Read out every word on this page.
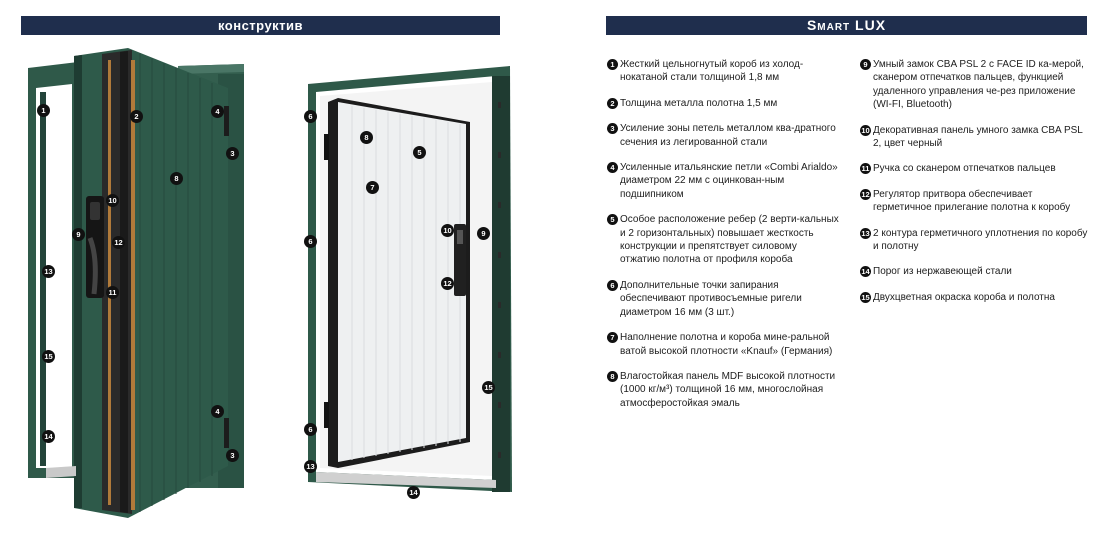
конструктив	Smart LUX
1
2
4
3
8
10
9
12
13
11
15
4
14
3
6
8
5
7
6
10	9
12
15
6
13
14
1 Жесткий цельногнутый короб из холод-нокатаной стали толщиной 1,8 мм
2 Толщина металла полотна 1,5 мм
3 Усиление зоны петель металлом ква-дратного сечения из легированной стали
4 Усиленные итальянские петли «Combi Arialdo» диаметром 22 мм с оцинкован-ным подшипником
5 Особое расположение ребер (2 верти-кальных и 2 горизонтальных) повышает жесткость конструкции и препятствует силовому отжатию полотна от профиля короба
6 Дополнительные точки запирания обеспечивают противосъемные ригели диаметром 16 мм (3 шт.)
7 Наполнение полотна и короба мине-ральной ватой высокой плотности «Knauf» (Германия)
8 Влагостойкая панель MDF высокой плотности (1000 кг/м³) толщиной 16 мм, многослойная атмосферостойкая эмаль
9 Умный замок CBA PSL 2 с FACE ID ка-мерой, сканером отпечатков пальцев, функцией удаленного управления че-рез приложение (WI-FI, Bluetooth)
10 Декоративная панель умного замка CBA PSL 2, цвет черный
11 Ручка со сканером отпечатков пальцев
12 Регулятор притвора обеспечивает герметичное прилегание полотна к коробу
13 2 контура герметичного уплотнения по коробу и полотну
14 Порог из нержавеющей стали
15 Двухцветная окраска короба и полотна
